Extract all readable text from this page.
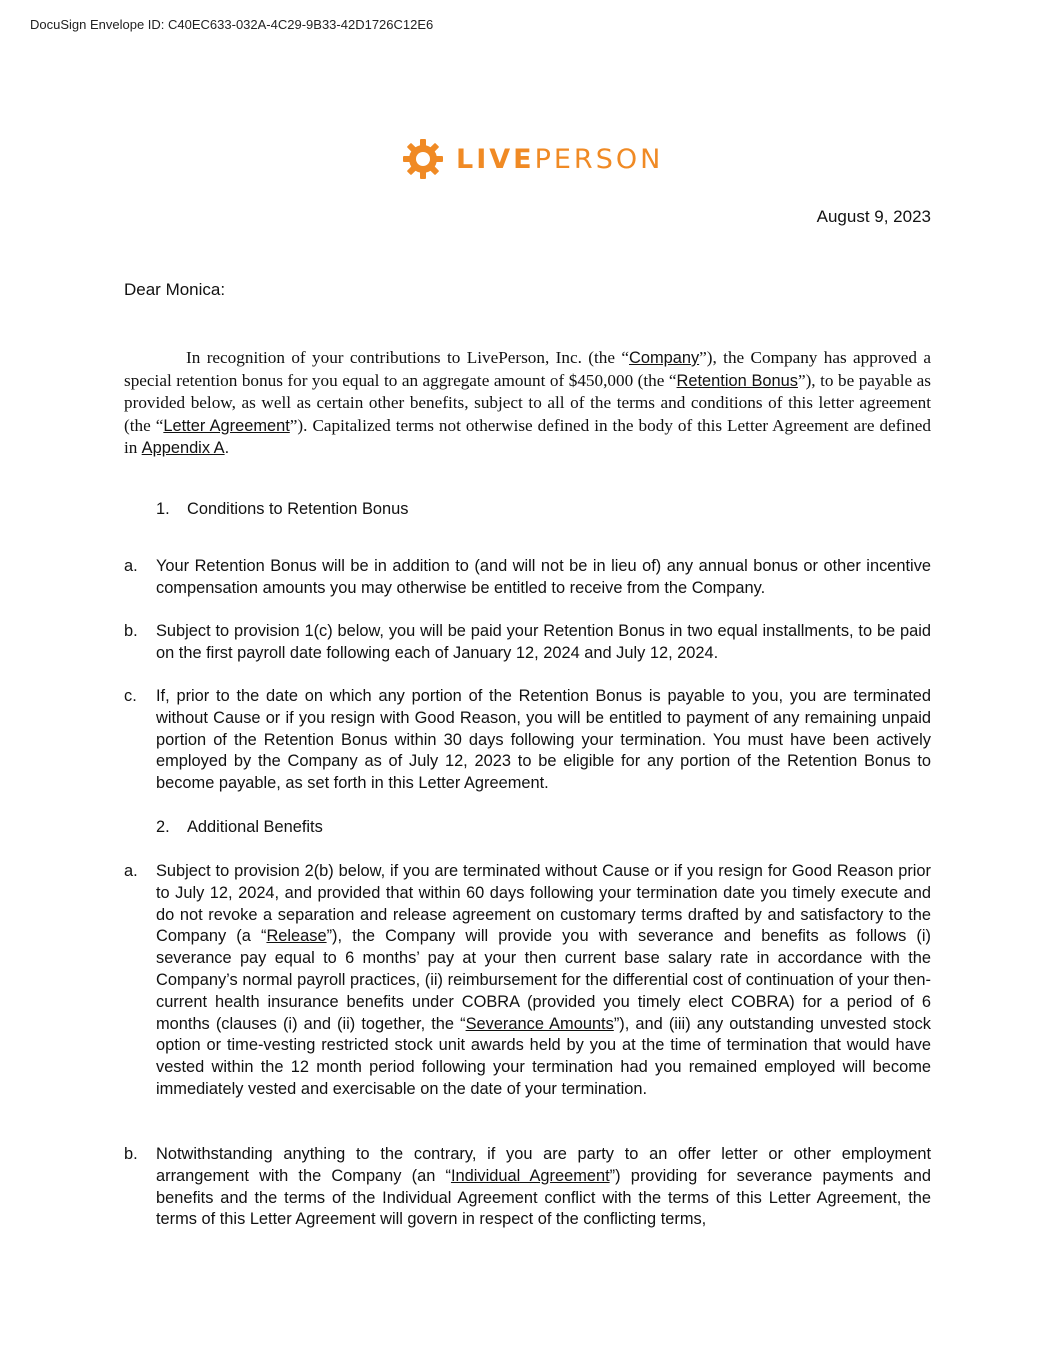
DocuSign Envelope ID: C40EC633-032A-4C29-9B33-42D1726C12E6
LIVEPERSON
August 9, 2023
Dear Monica:
In recognition of your contributions to LivePerson, Inc. (the “Company”), the Company has approved a special retention bonus for you equal to an aggregate amount of $450,000 (the “Retention Bonus”), to be payable as provided below, as well as certain other benefits, subject to all of the terms and conditions of this letter agreement (the “Letter Agreement”). Capitalized terms not otherwise defined in the body of this Letter Agreement are defined in Appendix A.
1. Conditions to Retention Bonus
a.	Your Retention Bonus will be in addition to (and will not be in lieu of) any annual bonus or other incentive compensation amounts you may otherwise be entitled to receive from the Company.
b.	Subject to provision 1(c) below, you will be paid your Retention Bonus in two equal installments, to be paid on the first payroll date following each of January 12, 2024 and July 12, 2024.
c.	If, prior to the date on which any portion of the Retention Bonus is payable to you, you are terminated without Cause or if you resign with Good Reason, you will be entitled to payment of any remaining unpaid portion of the Retention Bonus within 30 days following your termination. You must have been actively employed by the Company as of July 12, 2023 to be eligible for any portion of the Retention Bonus to become payable, as set forth in this Letter Agreement.
2. Additional Benefits
a.	Subject to provision 2(b) below, if you are terminated without Cause or if you resign for Good Reason prior to July 12, 2024, and provided that within 60 days following your termination date you timely execute and do not revoke a separation and release agreement on customary terms drafted by and satisfactory to the Company (a “Release”), the Company will provide you with severance and benefits as follows (i) severance pay equal to 6 months’ pay at your then current base salary rate in accordance with the Company’s normal payroll practices, (ii) reimbursement for the differential cost of continuation of your then-current health insurance benefits under COBRA (provided you timely elect COBRA) for a period of 6 months (clauses (i) and (ii) together, the “Severance Amounts”), and (iii) any outstanding unvested stock option or time-vesting restricted stock unit awards held by you at the time of termination that would have vested within the 12 month period following your termination had you remained employed will become immediately vested and exercisable on the date of your termination.
b.	Notwithstanding anything to the contrary, if you are party to an offer letter or other employment arrangement with the Company (an “Individual Agreement”) providing for severance payments and benefits and the terms of the Individual Agreement conflict with the terms of this Letter Agreement, the terms of this Letter Agreement will govern in respect of the conflicting terms,
